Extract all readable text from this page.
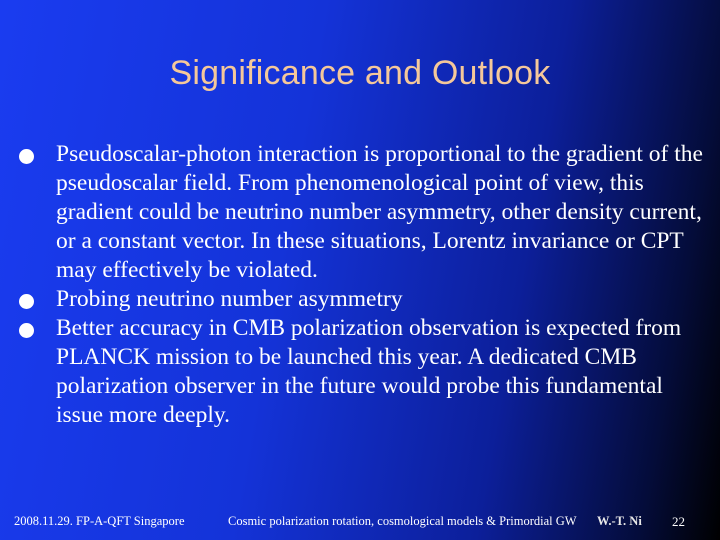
Significance and Outlook
Pseudoscalar-photon interaction is proportional to the gradient of the pseudoscalar field. From phenomenological point of view, this gradient could be neutrino number asymmetry, other density current, or a constant vector. In these situations, Lorentz invariance or CPT may effectively be violated.
Probing neutrino number asymmetry
Better accuracy in CMB polarization observation is expected from PLANCK mission to be launched this year. A dedicated CMB polarization observer in the future would probe this fundamental issue more deeply.
2008.11.29. FP-A-QFT Singapore	Cosmic polarization rotation, cosmological models & Primordial GW W.-T. Ni 22
